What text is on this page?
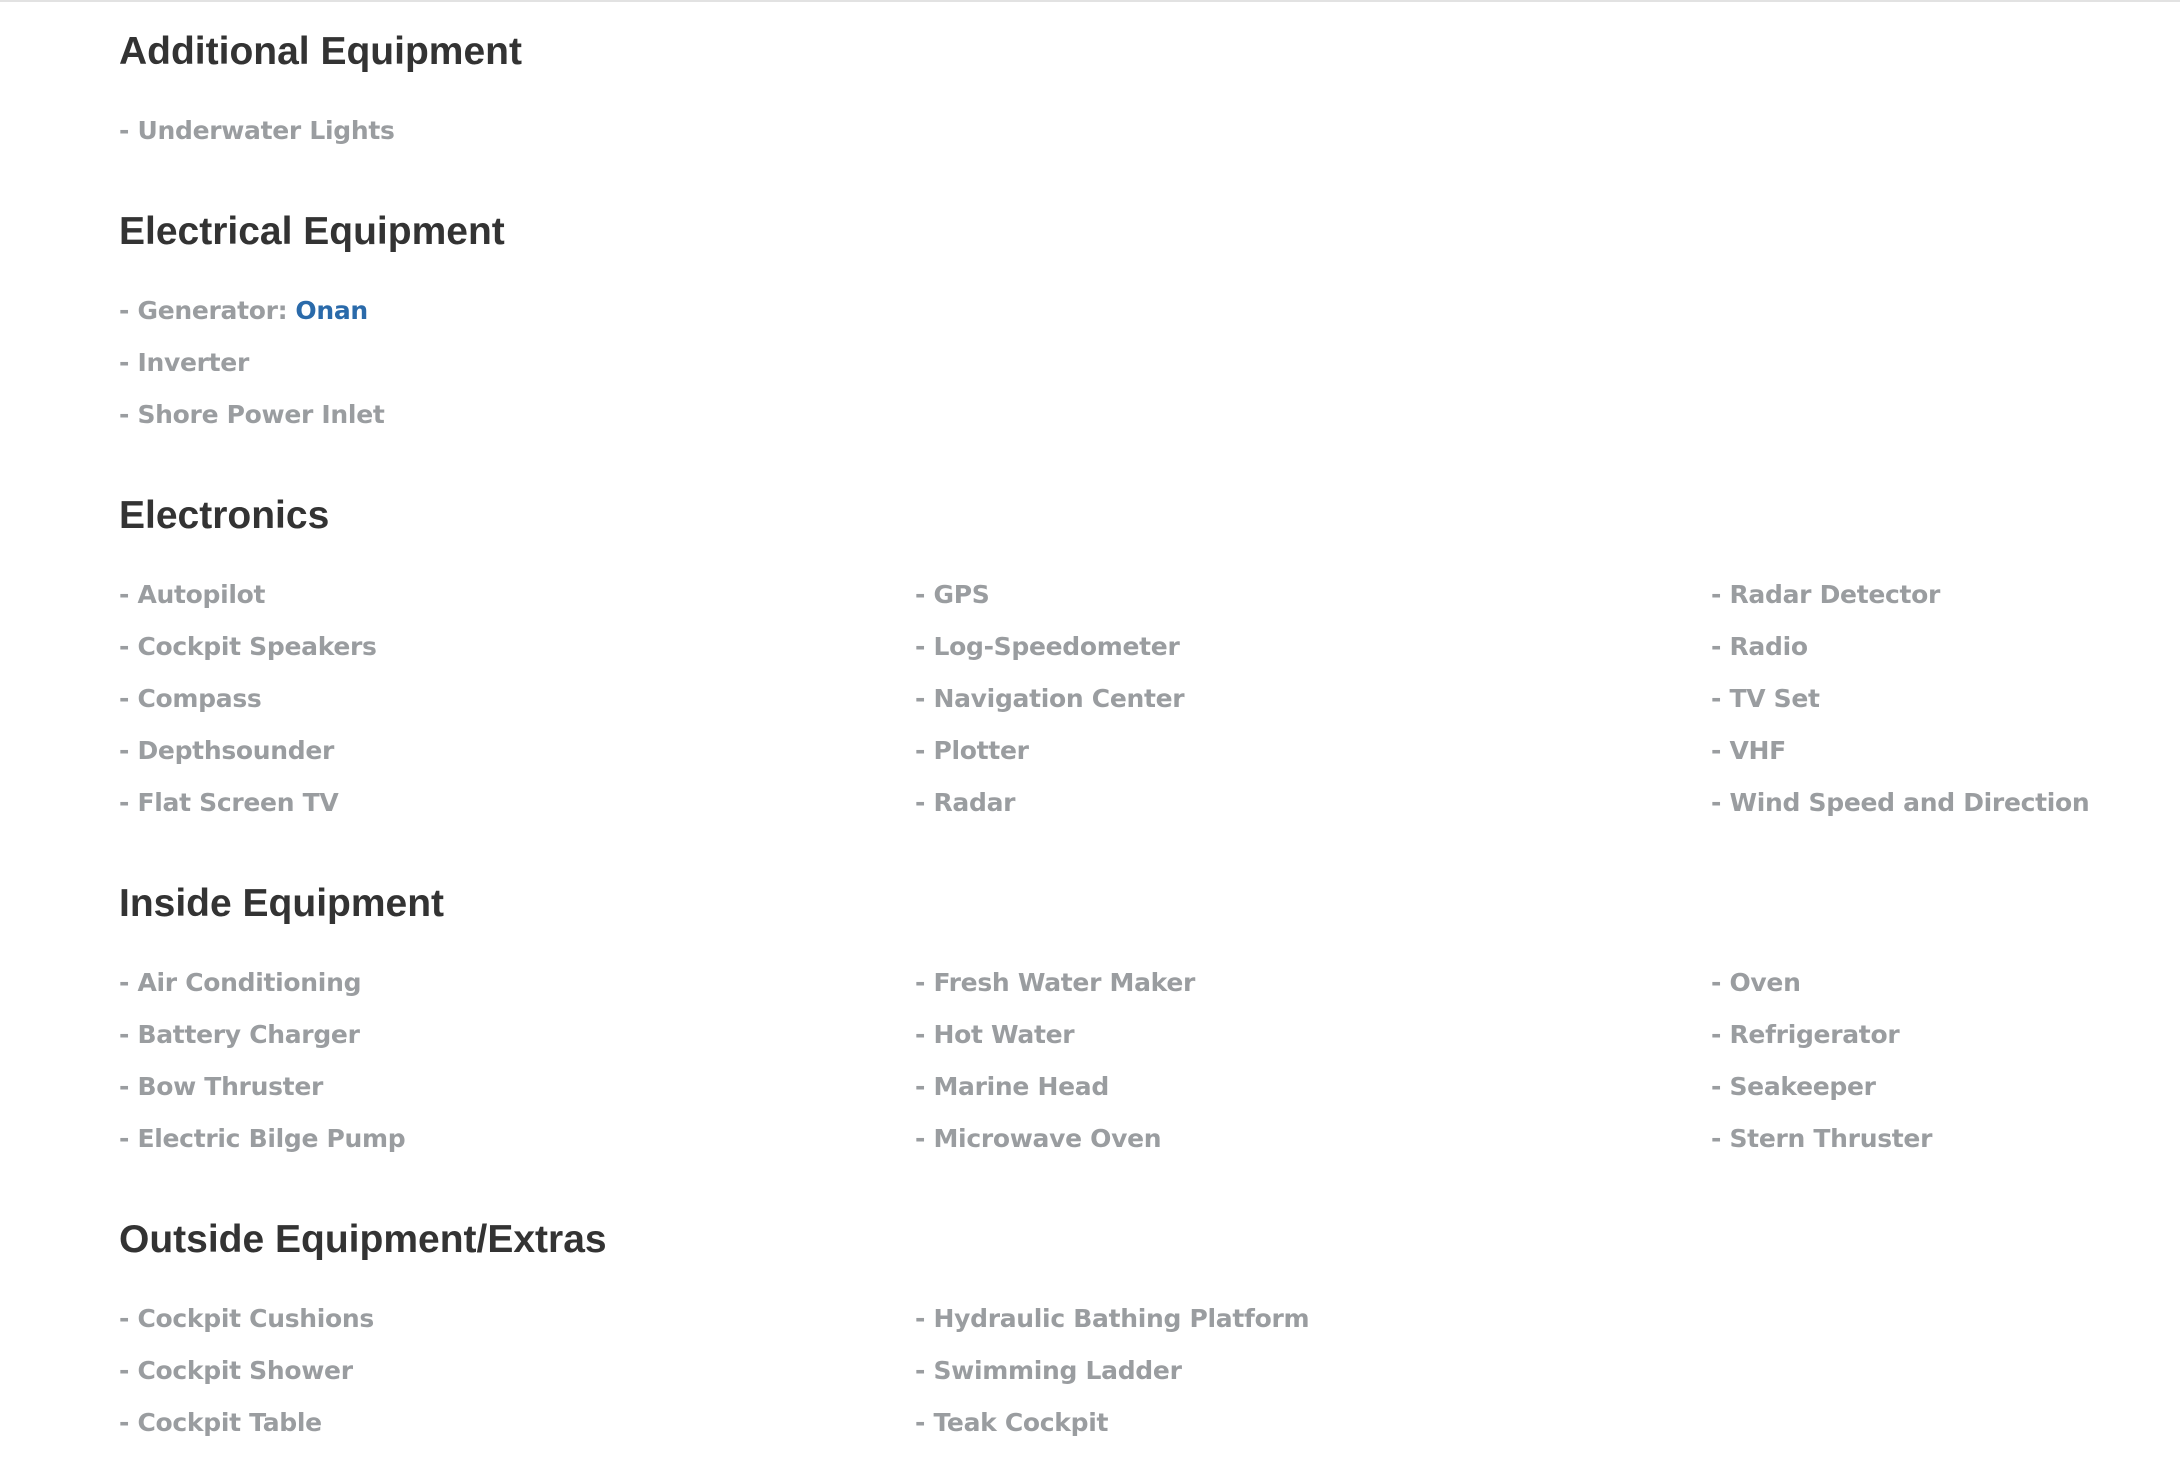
Additional Equipment
- Underwater Lights
Electrical Equipment
- Generator: Onan
- Inverter
- Shore Power Inlet
Electronics
- Autopilot
- Cockpit Speakers
- Compass
- Depthsounder
- Flat Screen TV
- GPS
- Log-Speedometer
- Navigation Center
- Plotter
- Radar
- Radar Detector
- Radio
- TV Set
- VHF
- Wind Speed and Direction
Inside Equipment
- Air Conditioning
- Battery Charger
- Bow Thruster
- Electric Bilge Pump
- Fresh Water Maker
- Hot Water
- Marine Head
- Microwave Oven
- Oven
- Refrigerator
- Seakeeper
- Stern Thruster
Outside Equipment/Extras
- Cockpit Cushions
- Cockpit Shower
- Cockpit Table
- Hydraulic Bathing Platform
- Swimming Ladder
- Teak Cockpit
